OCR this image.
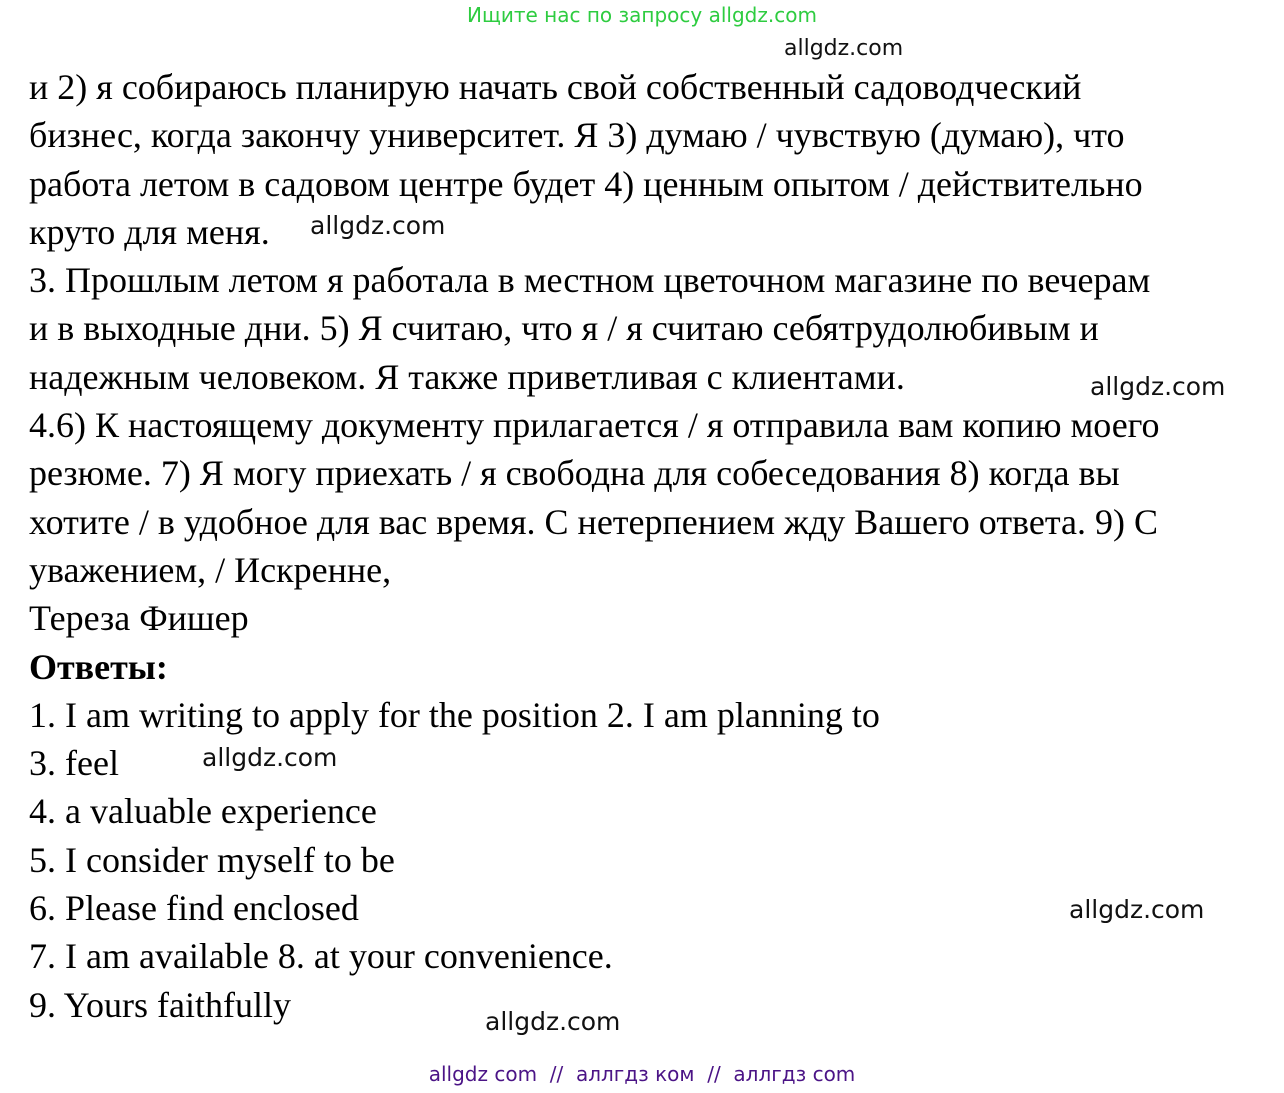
Ищите нас по запросу allgdz.com
allgdz.com
allgdz.com
allgdz.com
allgdz.com
allgdz.com
allgdz.com
и 2) я собираюсь планирую начать свой собственный садоводческий
бизнес, когда закончу университет. Я 3) думаю / чувствую (думаю), что
работа летом в садовом центре будет 4) ценным опытом / действительно
круто для меня.
3. Прошлым летом я работала в местном цветочном магазине по вечерам
и в выходные дни. 5) Я считаю, что я / я считаю себятрудолюбивым и
надежным человеком. Я также приветливая с клиентами.
4.6) К настоящему документу прилагается / я отправила вам копию моего
резюме. 7) Я могу приехать / я свободна для собеседования 8) когда вы
хотите / в удобное для вас время. С нетерпением жду Вашего ответа. 9) С
уважением, / Искренне,
Тереза Фишер
Ответы:
1. I am writing to apply for the position 2. I am planning to
3. feel
4. a valuable experience
5. I consider myself to be
6. Please find enclosed
7. I am available 8. at your convenience.
9. Yours faithfully
allgdz com  //  аллгдз ком  //  аллгдз com
